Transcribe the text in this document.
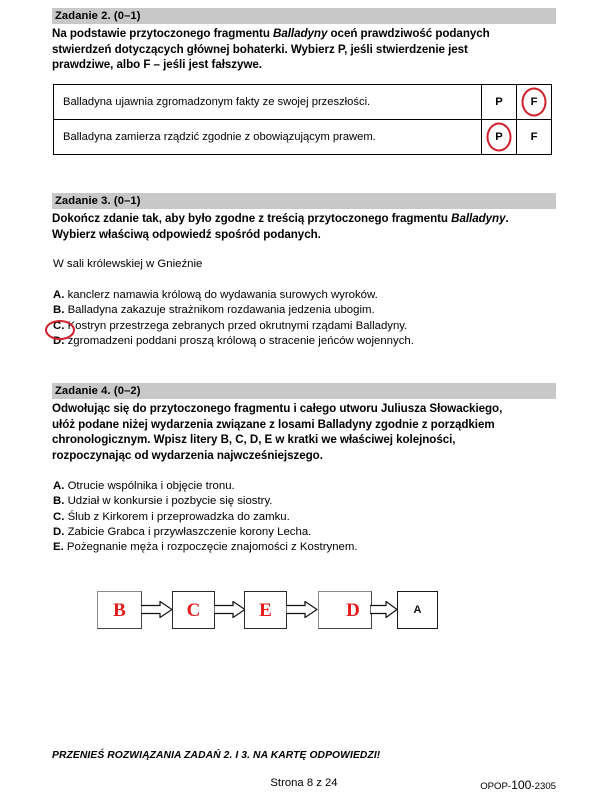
Zadanie 2. (0–1)
Na podstawie przytoczonego fragmentu Balladyny oceń prawdziwość podanych
stwierdzeń dotyczących głównej bohaterki. Wybierz P, jeśli stwierdzenie jest
prawdziwe, albo F – jeśli jest fałszywe.
Balladyna ujawnia zgromadzonym fakty ze swojej przeszłości.	P	F

Balladyna zamierza rządzić zgodnie z obowiązującym prawem.	P	F
Zadanie 3. (0–1)
Dokończ zdanie tak, aby było zgodne z treścią przytoczonego fragmentu Balladyny.
Wybierz właściwą odpowiedź spośród podanych.
W sali królewskiej w Gnieźnie
A. kanclerz namawia królową do wydawania surowych wyroków.
B. Balladyna zakazuje strażnikom rozdawania jedzenia ubogim.
C. Kostryn przestrzega zebranych przed okrutnymi rządami Balladyny.
D. zgromadzeni poddani proszą królową o stracenie jeńców wojennych.
Zadanie 4. (0–2)
Odwołując się do przytoczonego fragmentu i całego utworu Juliusza Słowackiego,
ułóż podane niżej wydarzenia związane z losami Balladyny zgodnie z porządkiem
chronologicznym. Wpisz litery B, C, D, E w kratki we właściwej kolejności,
rozpoczynając od wydarzenia najwcześniejszego.
A. Otrucie wspólnika i objęcie tronu.
B. Udział w konkursie i pozbycie się siostry.
C. Ślub z Kirkorem i przeprowadzka do zamku.
D. Zabicie Grabca i przywłaszczenie korony Lecha.
E. Pożegnanie męża i rozpoczęcie znajomości z Kostrynem.
B	C	E	D	A
PRZENIEŚ ROZWIĄZANIA ZADAŃ 2. I 3. NA KARTĘ ODPOWIEDZI!
Strona 8 z 24	OPOP-100-2305
